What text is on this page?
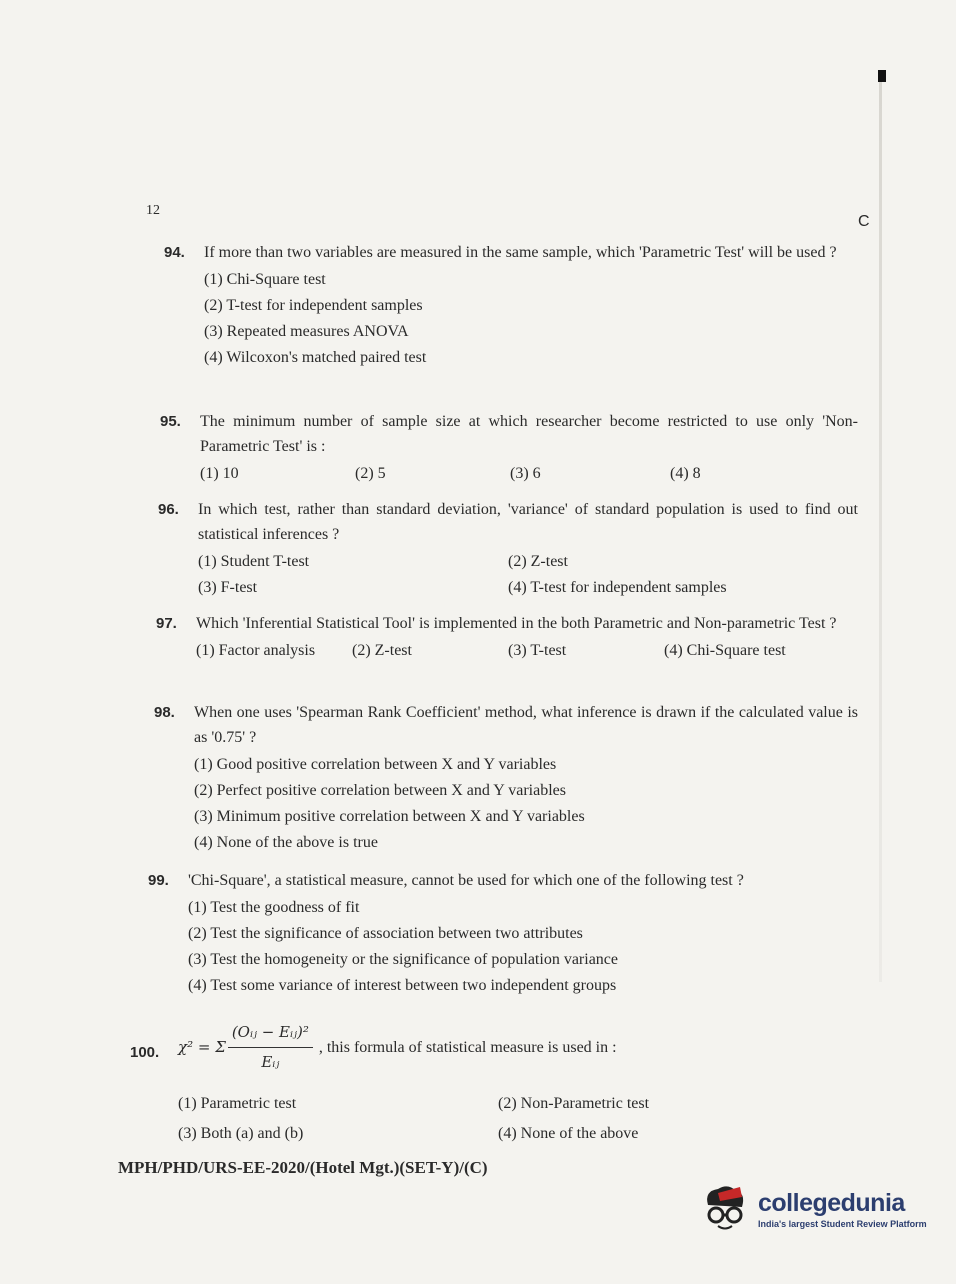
12
C
94. If more than two variables are measured in the same sample, which 'Parametric Test' will be used ?
(1) Chi-Square test
(2) T-test for independent samples
(3) Repeated measures ANOVA
(4) Wilcoxon's matched paired test
95. The minimum number of sample size at which researcher become restricted to use only 'Non-Parametric Test' is :
(1) 10	(2) 5	(3) 6	(4) 8
96. In which test, rather than standard deviation, 'variance' of standard population is used to find out statistical inferences ?
(1) Student T-test	(2) Z-test
(3) F-test	(4) T-test for independent samples
97. Which 'Inferential Statistical Tool' is implemented in the both Parametric and Non-parametric Test ?
(1) Factor analysis	(2) Z-test	(3) T-test	(4) Chi-Square test
98. When one uses 'Spearman Rank Coefficient' method, what inference is drawn if the calculated value is as '0.75' ?
(1) Good positive correlation between X and Y variables
(2) Perfect positive correlation between X and Y variables
(3) Minimum positive correlation between X and Y variables
(4) None of the above is true
99. 'Chi-Square', a statistical measure, cannot be used for which one of the following test ?
(1) Test the goodness of fit
(2) Test the significance of association between two attributes
(3) Test the homogeneity or the significance of population variance
(4) Test some variance of interest between two independent groups
100. χ² = Σ $\frac{\text{(Oᵢⱼ − Eᵢⱼ)²}}{\text{Eᵢⱼ}}$ , this formula of statistical measure is used in :
(1) Parametric test	(2) Non-Parametric test
(3) Both (a) and (b)	(4) None of the above
MPH/PHD/URS-EE-2020/(Hotel Mgt.)(SET-Y)/(C)
collegedunia
India's largest Student Review Platform
